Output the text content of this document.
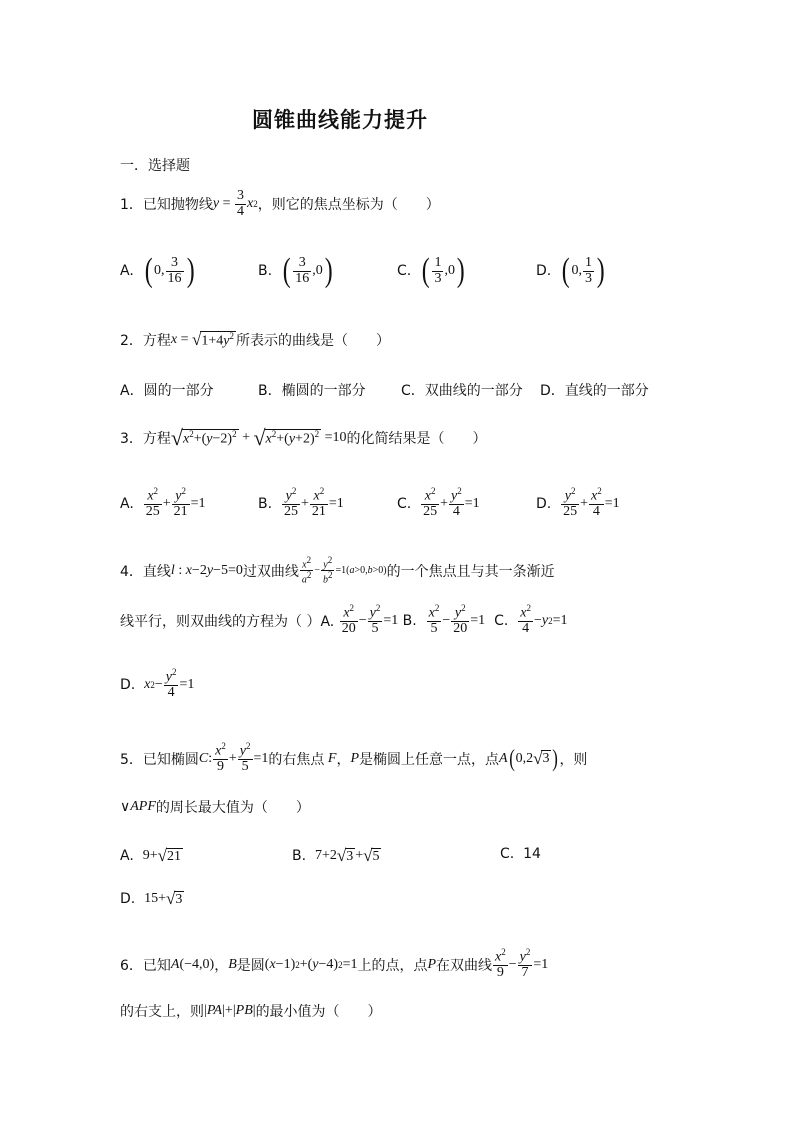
圆锥曲线能力提升
一．选择题
1．已知抛物线 $y = \frac{3}{4}$ x 2 ，则它的焦点坐标为（　　）
A.
( 0, $\frac{3}{16}$ )	B.
( $\frac{3}{16} ,0$ )	C.
( $\frac{1}{3} ,0$ )	D.
( 0, $\frac{1}{3}$ )
2．方程 x = √ $1+4y^2$ 所表示的曲线是（　　）
A．圆的一部分	B．椭圆的一部分	C．双曲线的一部分 D．直线的一部分
3．方程 √ $x^2+(y-2)^2$ + √ $x^2+(y+2)^2 =10$ 的化简结果是（　　）
A.
$\frac{x^2}{25} + \frac{y^2}{21} =1$	B.
$\frac{y^2}{25} + \frac{x^2}{21} =1$	C.
$\frac{x^2}{25} + \frac{y^2}{4} =1$	D.
$\frac{y^2}{25} + \frac{x^2}{4} =1$
4．直线 l : x −2 y −5=0 过双曲线 $\frac{x^2}{a^2} - \frac{y^2}{b^2} =1$( a >0, b >0) 的一个焦点且与其一条渐近
线平行，则双曲线的方程为（ ）A.
$\frac{x^2}{20} - \frac{y^2}{5} =1$
B.
$\frac{x^2}{5} - \frac{y^2}{20} =1$
C.
$\frac{x^2}{4} - y$ 2 =1
D.
x $2 - \frac{y^2}{4} =1$
5．已知椭圆 C : $\frac{x^2}{9} + \frac{y^2}{5} =1$ 的右焦点 F ， P 是椭圆上任意一点，点 A ( 0,2 √ 3 ) ，则
∨ APF 的周长最大值为（　　）
A.
9+ √ 21	B.
7+2 √ 3 + √ 5	C.
14
D.
15+ √ 3
6．已知 A (−4,0) ， B 是圆 ( x −1) 2 +( y −4) 2 =1 上的点，点 P 在双曲线 $\frac{x^2}{9} - \frac{y^2}{7} =1$
的右支上，则 | PA |+| PB | 的最小值为（　　）
